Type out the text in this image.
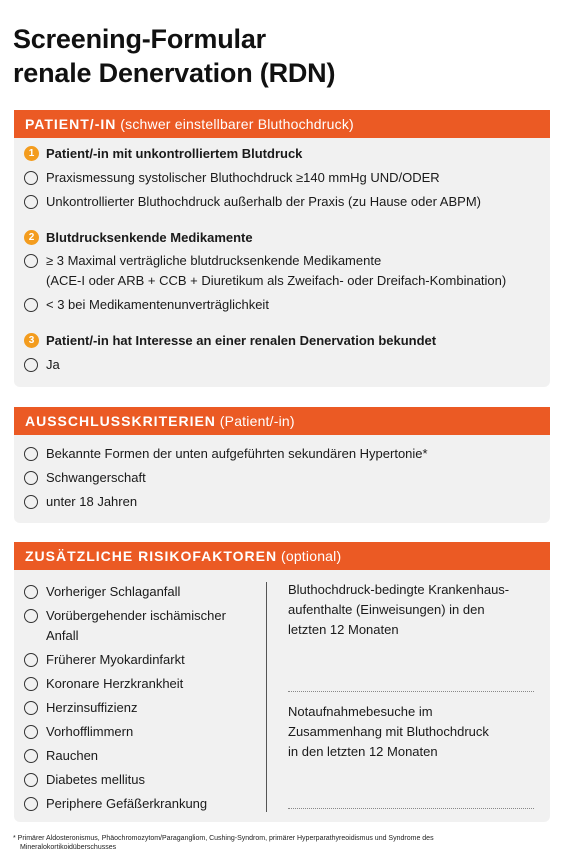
Screening-Formular
renale Denervation (RDN)
PATIENT/-IN (schwer einstellbarer Bluthochdruck)
1 Patient/-in mit unkontrolliertem Blutdruck
Praxismessung systolischer Bluthochdruck ≥140 mmHg UND/ODER
Unkontrollierter Bluthochdruck außerhalb der Praxis (zu Hause oder ABPM)
2 Blutdrucksenkende Medikamente
≥ 3 Maximal verträgliche blutdrucksenkende Medikamente
(ACE-I oder ARB + CCB + Diuretikum als Zweifach- oder Dreifach-Kombination)
< 3 bei Medikamentenunverträglichkeit
3 Patient/-in hat Interesse an einer renalen Denervation bekundet
Ja
AUSSCHLUSSKRITERIEN (Patient/-in)
Bekannte Formen der unten aufgeführten sekundären Hypertonie*
Schwangerschaft
unter 18 Jahren
ZUSÄTZLICHE RISIKOFAKTOREN (optional)
Vorheriger Schlaganfall
Vorübergehender ischämischer
Anfall
Früherer Myokardinfarkt
Koronare Herzkrankheit
Herzinsuffizienz
Vorhofflimmern
Rauchen
Diabetes mellitus
Periphere Gefäßerkrankung
Bluthochdruck-bedingte Krankenhaus-
aufenthalte (Einweisungen) in den
letzten 12 Monaten
Notaufnahmebesuche im
Zusammenhang mit Bluthochdruck
in den letzten 12 Monaten
* Primärer Aldosteronismus, Phäochromozytom/Paragangliom, Cushing-Syndrom, primärer Hyperparathyreoidismus und Syndrome des
Mineralokortikoidüberschusses
